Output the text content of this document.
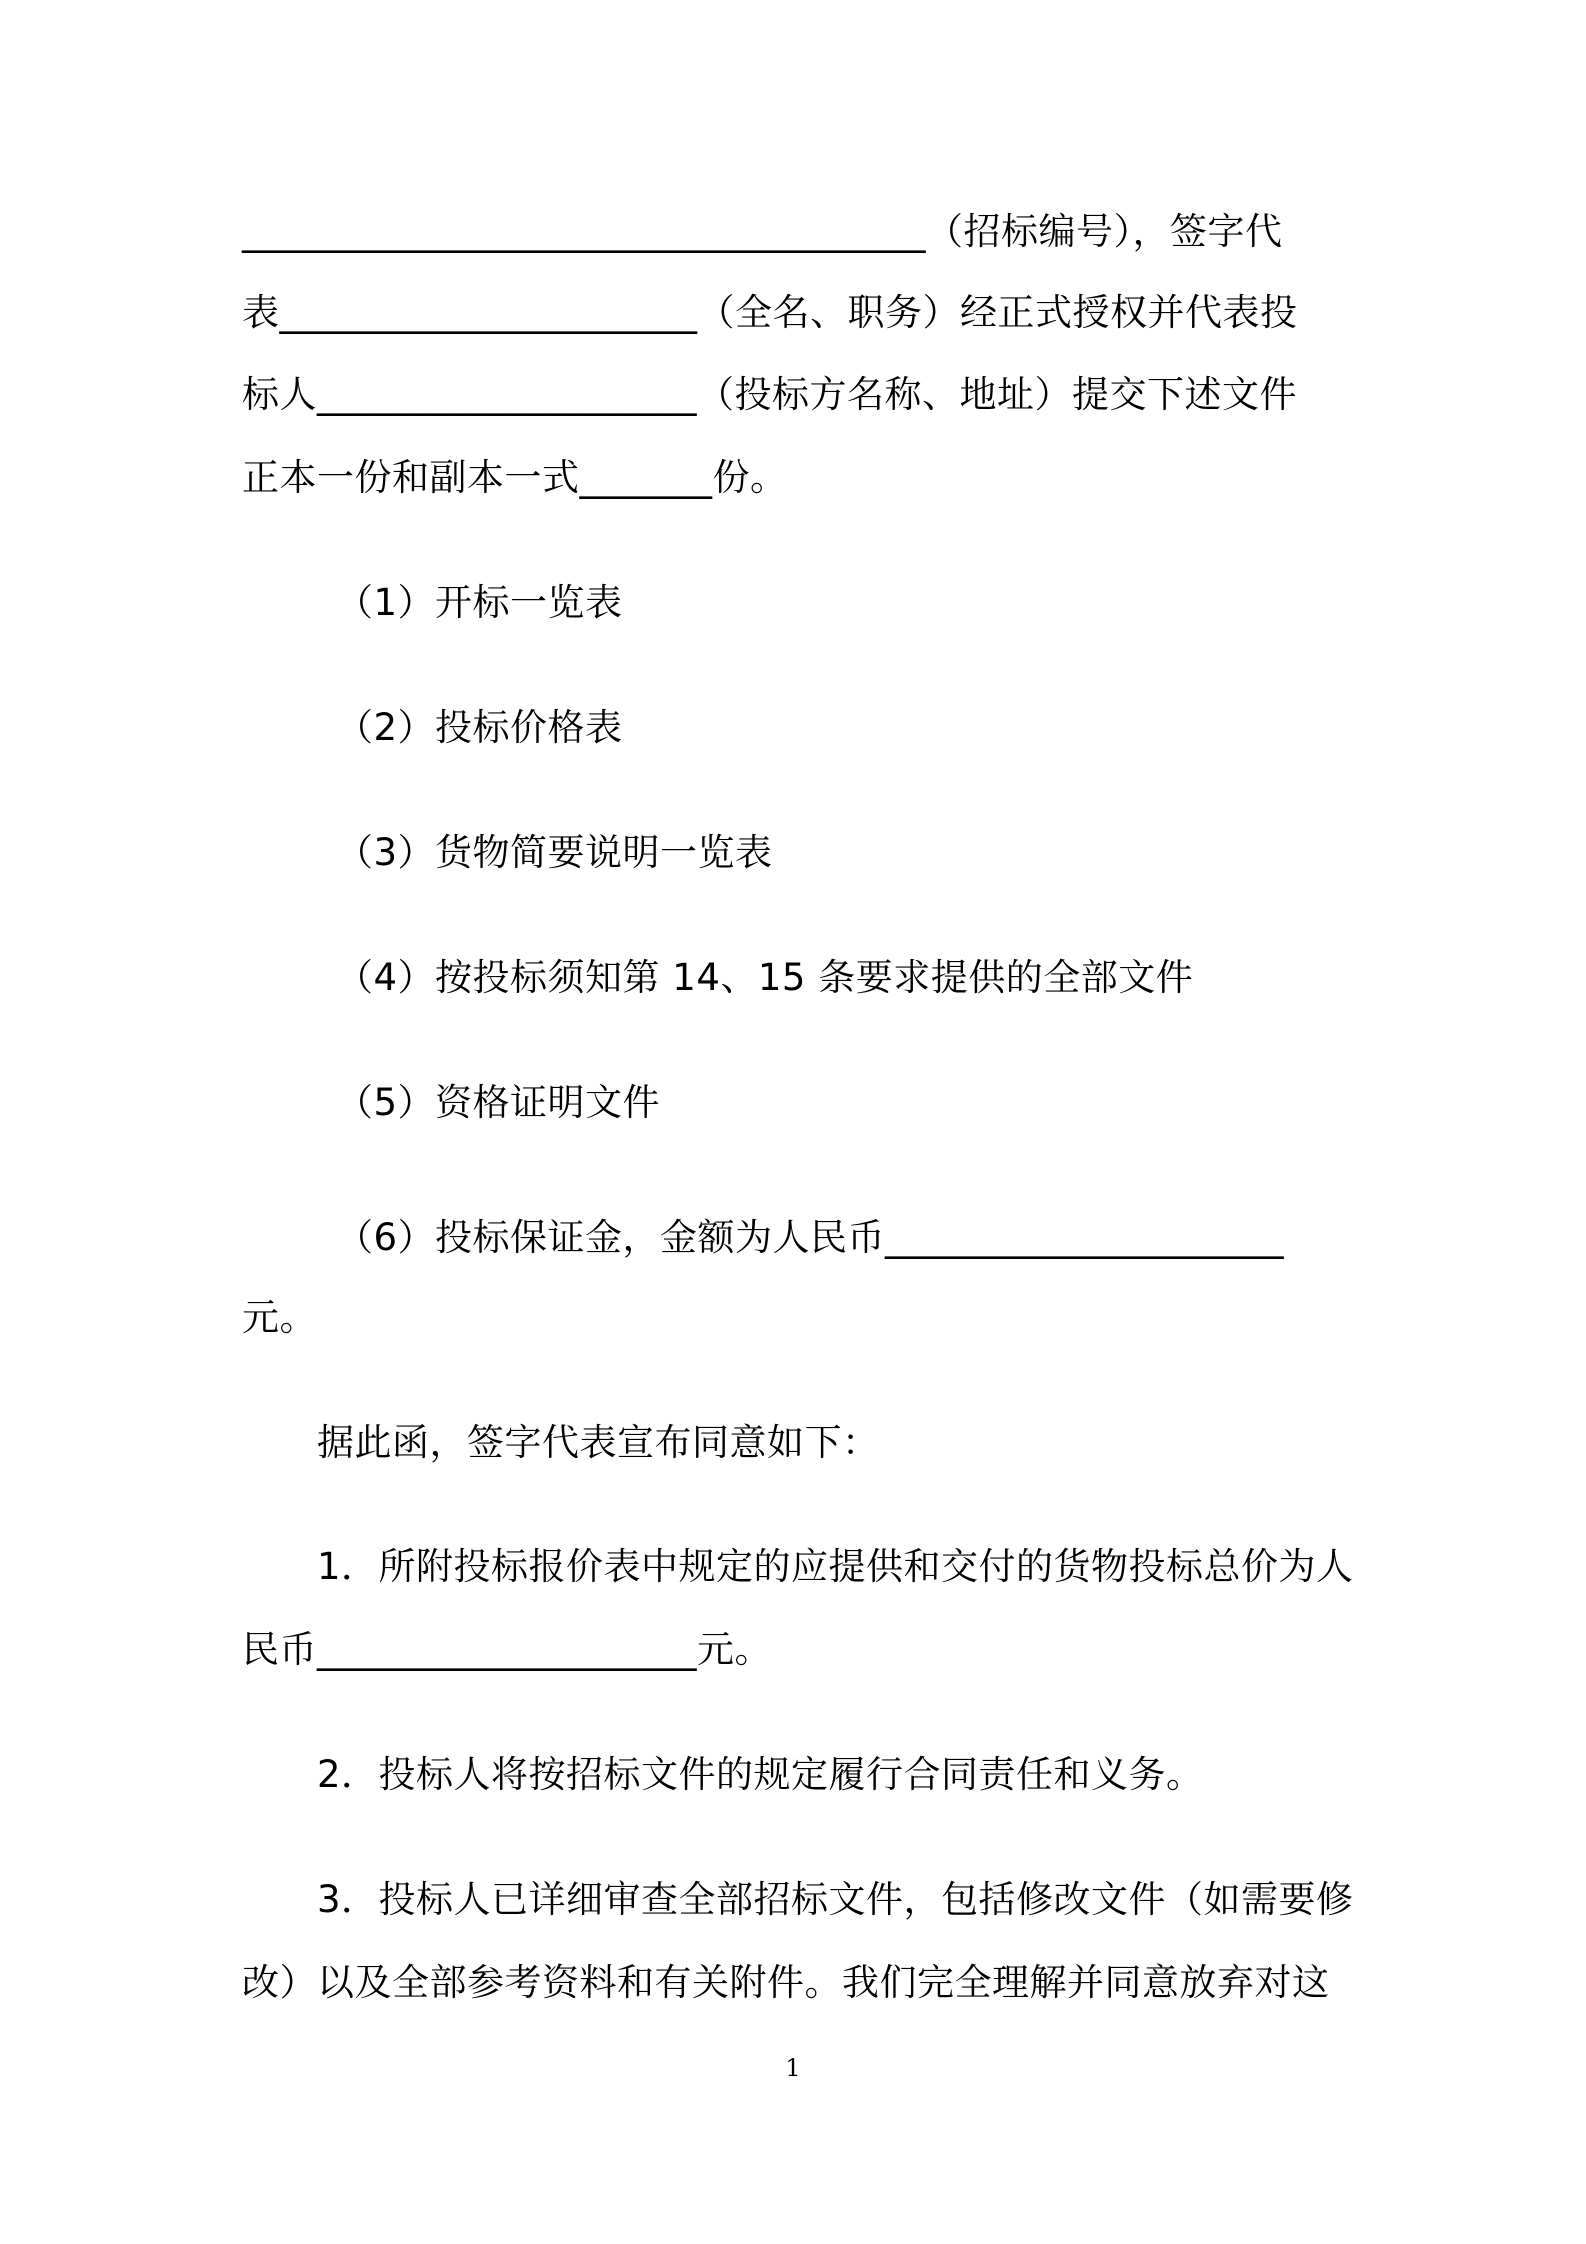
____________________________________（招标编号），签字代
表______________________（全名、职务）经正式授权并代表投
标人____________________（投标方名称、地址）提交下述文件
正本一份和副本一式_______份。
（1）开标一览表
（2）投标价格表
（3）货物简要说明一览表
（4）按投标须知第 14、15 条要求提供的全部文件
（5）资格证明文件
（6）投标保证金，金额为人民币_____________________
元。
据此函，签字代表宣布同意如下：
1．所附投标报价表中规定的应提供和交付的货物投标总价为人
民币____________________元。
2．投标人将按招标文件的规定履行合同责任和义务。
3．投标人已详细审查全部招标文件，包括修改文件（如需要修
改）以及全部参考资料和有关附件。我们完全理解并同意放弃对这
1
